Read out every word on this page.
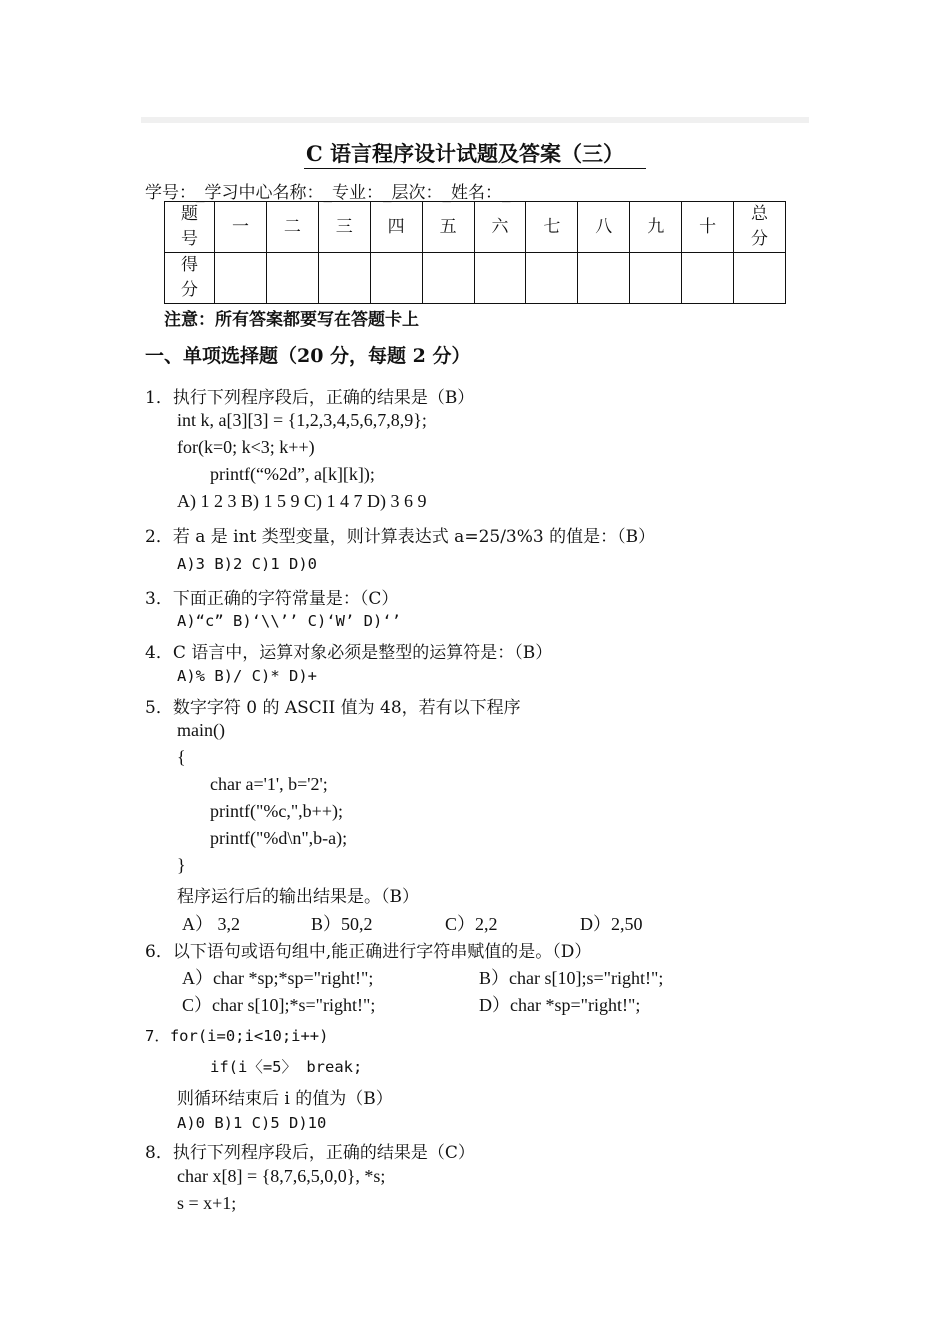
C 语言程序设计试题及答案（三）
学号：_学习中心名称：_专业：_层次：_姓名：_
题号	一	二	三	四	五	六	七	八	九	十	总分
得分											
注意：所有答案都要写在答题卡上
一、单项选择题（20 分，每题 2 分）
1．执行下列程序段后，正确的结果是（B）
int k, a[3][3] = {1,2,3,4,5,6,7,8,9};
for(k=0; k<3; k++)
printf(“%2d”, a[k][k]);
A) 1 2 3 B) 1 5 9 C) 1 4 7 D) 3 6 9
2．若 a 是 int 类型变量，则计算表达式 a=25/3%3 的值是：（B）
A)3 B)2 C)1 D)0
3．下面正确的字符常量是：（C）
A)“c” B)‘\\’’ C)‘W’ D)‘’
4．C 语言中，运算对象必须是整型的运算符是：（B）
A)% B)/ C)* D)+
5．数字字符 0 的 ASCII 值为 48，若有以下程序
main()
{
char a='1', b='2';
printf("%c,",b++);
printf("%d\n",b-a);
}
程序运行后的输出结果是。（B）
A） 3,2	B）50,2	C）2,2	D）2,50
6．以下语句或语句组中,能正确进行字符串赋值的是。（D）
A）char *sp;*sp="right!";	B）char s[10];s="right!";
C）char s[10];*s="right!";	D）char *sp="right!";
7．for(i=0;i<10;i++)
if(i〈=5〉 break;
则循环结束后 i 的值为（B）
A)0 B)1 C)5 D)10
8．执行下列程序段后，正确的结果是（C）
char x[8] = {8,7,6,5,0,0}, *s;
s = x+1;
